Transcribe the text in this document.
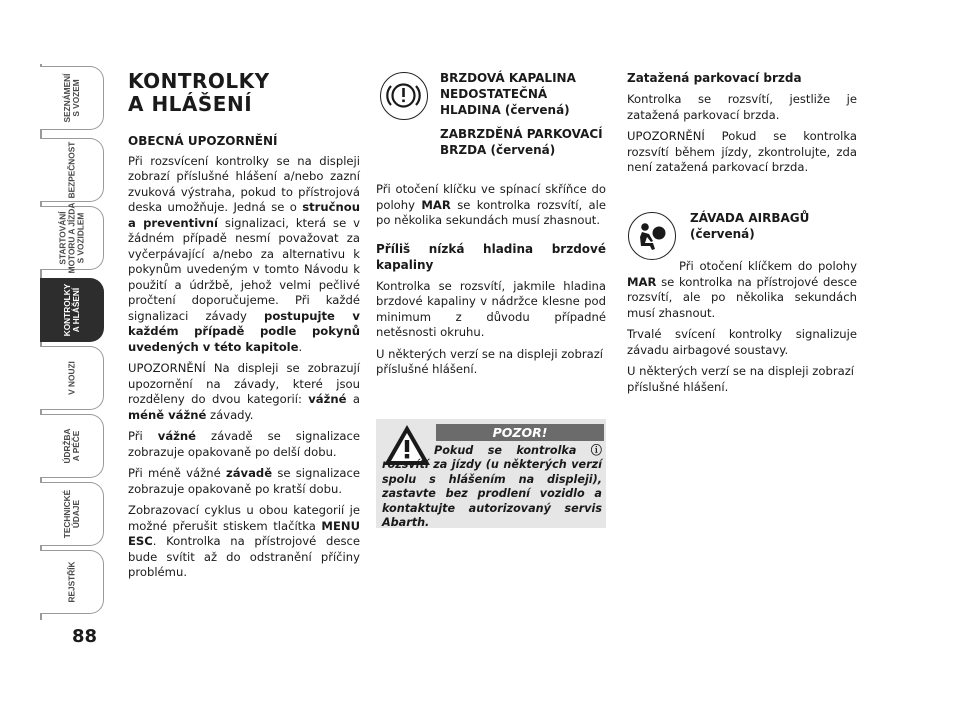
SEZNÁMENÍ
S VOZEM
BEZPEČNOST
STARTOVÁNÍ
MOTORU A JÍZDA
S VOZIDLEM
KONTROLKY
A HLÁŠENÍ
V NOUZI
ÚDRŽBA
A PÉČE
TECHNICKÉ
ÚDAJE
REJSTŘÍK
88
KONTROLKY
A HLÁŠENÍ
OBECNÁ UPOZORNĚNÍ

Při rozsvícení kontrolky se na displeji zobrazí příslušné hlášení a/nebo zazní zvuková výstraha, pokud to přístrojová deska umožňuje. Jedná se o stručnou a preventivní signalizaci, která se v žádném případě nesmí považovat za vyčerpávající a/nebo za alternativu k pokynům uvedeným v tomto Návodu k použití a údržbě, jehož velmi pečlivé pročtení doporučujeme. Při každé signalizaci závady postupujte v každém případě podle pokynů uvedených v této kapitole.

UPOZORNĚNÍ Na displeji se zobrazují upozornění na závady, které jsou rozděleny do dvou kategorií: vážné a méně vážné závady.

Při vážné závadě se signalizace zobrazuje opakovaně po delší dobu.

Při méně vážné závadě se signalizace zobrazuje opakovaně po kratší dobu.

Zobrazovací cyklus u obou kategorií je možné přerušit stiskem tlačítka MENU ESC. Kontrolka na přístrojové desce bude svítit až do odstranění příčiny problému.

BRZDOVÁ KAPALINA NEDOSTATEČNÁ HLADINA (červená)
ZABRZDĚNÁ PARKOVACÍ BRZDA (červená)

Při otočení klíčku ve spínací skříňce do polohy MAR se kontrolka rozsvítí, ale po několika sekundách musí zhasnout.

Příliš nízká hladina brzdové kapaliny

Kontrolka se rozsvítí, jakmile hladina brzdové kapaliny v nádržce klesne pod minimum z důvodu případné netěsnosti okruhu.

U některých verzí se na displeji zobrazí příslušné hlášení.

POZOR!
Pokud se kontrolka ⓘ rozsvítí za jízdy (u některých verzí spolu s hlášením na displeji), zastavte bez prodlení vozidlo a kontaktujte autorizovaný servis Abarth.
Zatažená parkovací brzda

Kontrolka se rozsvítí, jestliže je zatažená parkovací brzda.

UPOZORNĚNÍ Pokud se kontrolka rozsvítí během jízdy, zkontrolujte, zda není zatažená parkovací brzda.

ZÁVADA AIRBAGŮ (červená)

Při otočení klíčkem do polohy MAR se kontrolka na přístrojové desce rozsvítí, ale po několika sekundách musí zhasnout.

Trvalé svícení kontrolky signalizuje závadu airbagové soustavy.

U některých verzí se na displeji zobrazí příslušné hlášení.
